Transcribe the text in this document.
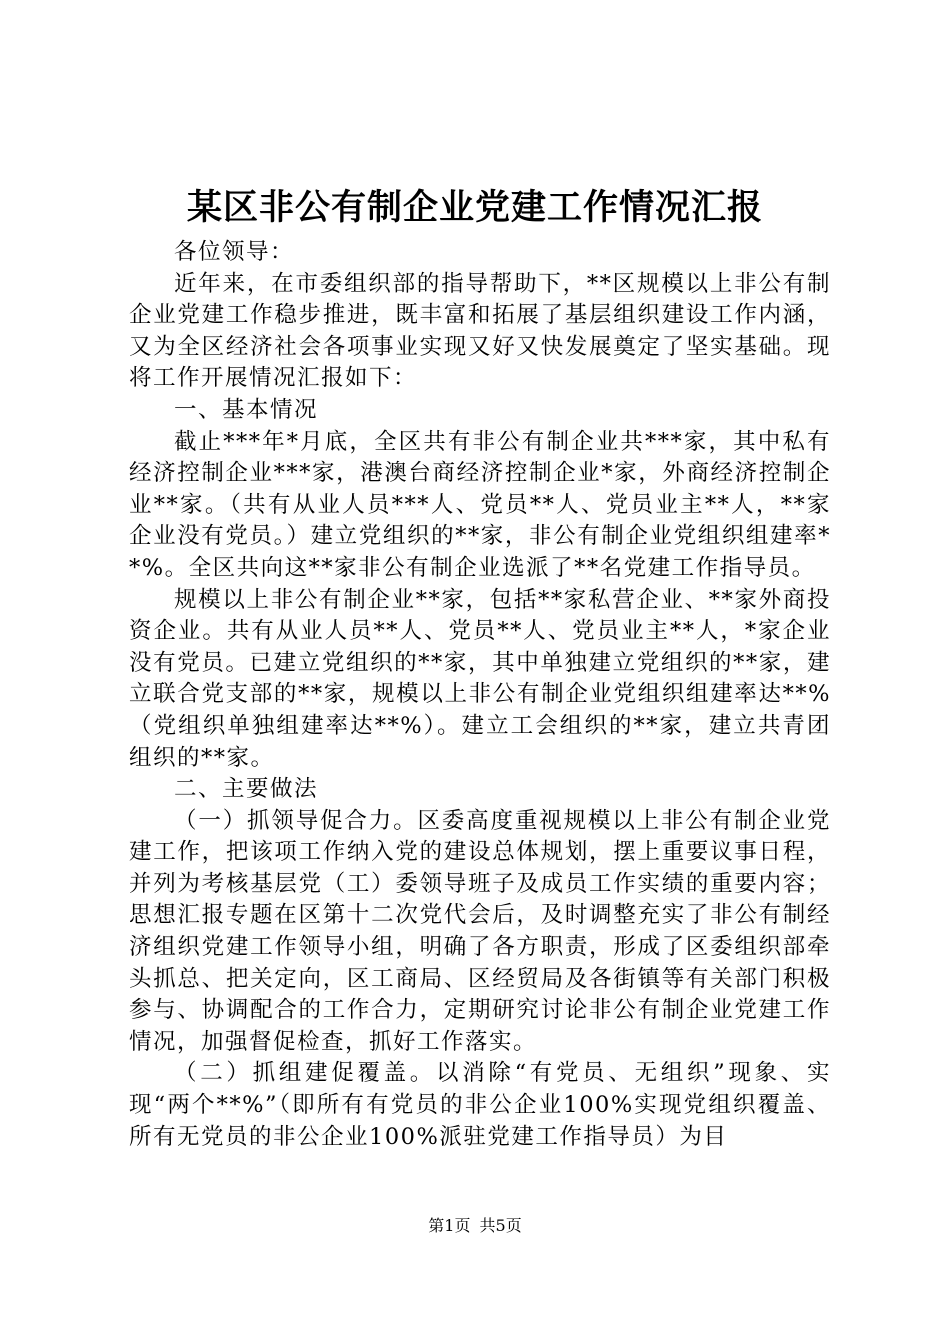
某区非公有制企业党建工作情况汇报

各位领导：

近年来，在市委组织部的指导帮助下，**区规模以上非公有制企业党建工作稳步推进，既丰富和拓展了基层组织建设工作内涵，又为全区经济社会各项事业实现又好又快发展奠定了坚实基础。现将工作开展情况汇报如下：

一、基本情况

截止***年*月底，全区共有非公有制企业共***家，其中私有经济控制企业***家，港澳台商经济控制企业*家，外商经济控制企业**家。（共有从业人员***人、党员**人、党员业主**人，**家企业没有党员。）建立党组织的**家，非公有制企业党组织组建率**%。全区共向这**家非公有制企业选派了**名党建工作指导员。

规模以上非公有制企业**家，包括**家私营企业、**家外商投资企业。共有从业人员**人、党员**人、党员业主**人，*家企业没有党员。已建立党组织的**家，其中单独建立党组织的**家，建立联合党支部的**家，规模以上非公有制企业党组织组建率达**%（党组织单独组建率达**%）。建立工会组织的**家，建立共青团组织的**家。

二、主要做法

（一）抓领导促合力。区委高度重视规模以上非公有制企业党建工作，把该项工作纳入党的建设总体规划，摆上重要议事日程，并列为考核基层党（工）委领导班子及成员工作实绩的重要内容；思想汇报专题在区第十二次党代会后，及时调整充实了非公有制经济组织党建工作领导小组，明确了各方职责，形成了区委组织部牵头抓总、把关定向，区工商局、区经贸局及各街镇等有关部门积极参与、协调配合的工作合力，定期研究讨论非公有制企业党建工作情况，加强督促检查，抓好工作落实。

（二）抓组建促覆盖。以消除“有党员、无组织”现象、实现“两个**%”（即所有有党员的非公企业100%实现党组织覆盖、所有无党员的非公企业100%派驻党建工作指导员）为目

第1页 共5页
